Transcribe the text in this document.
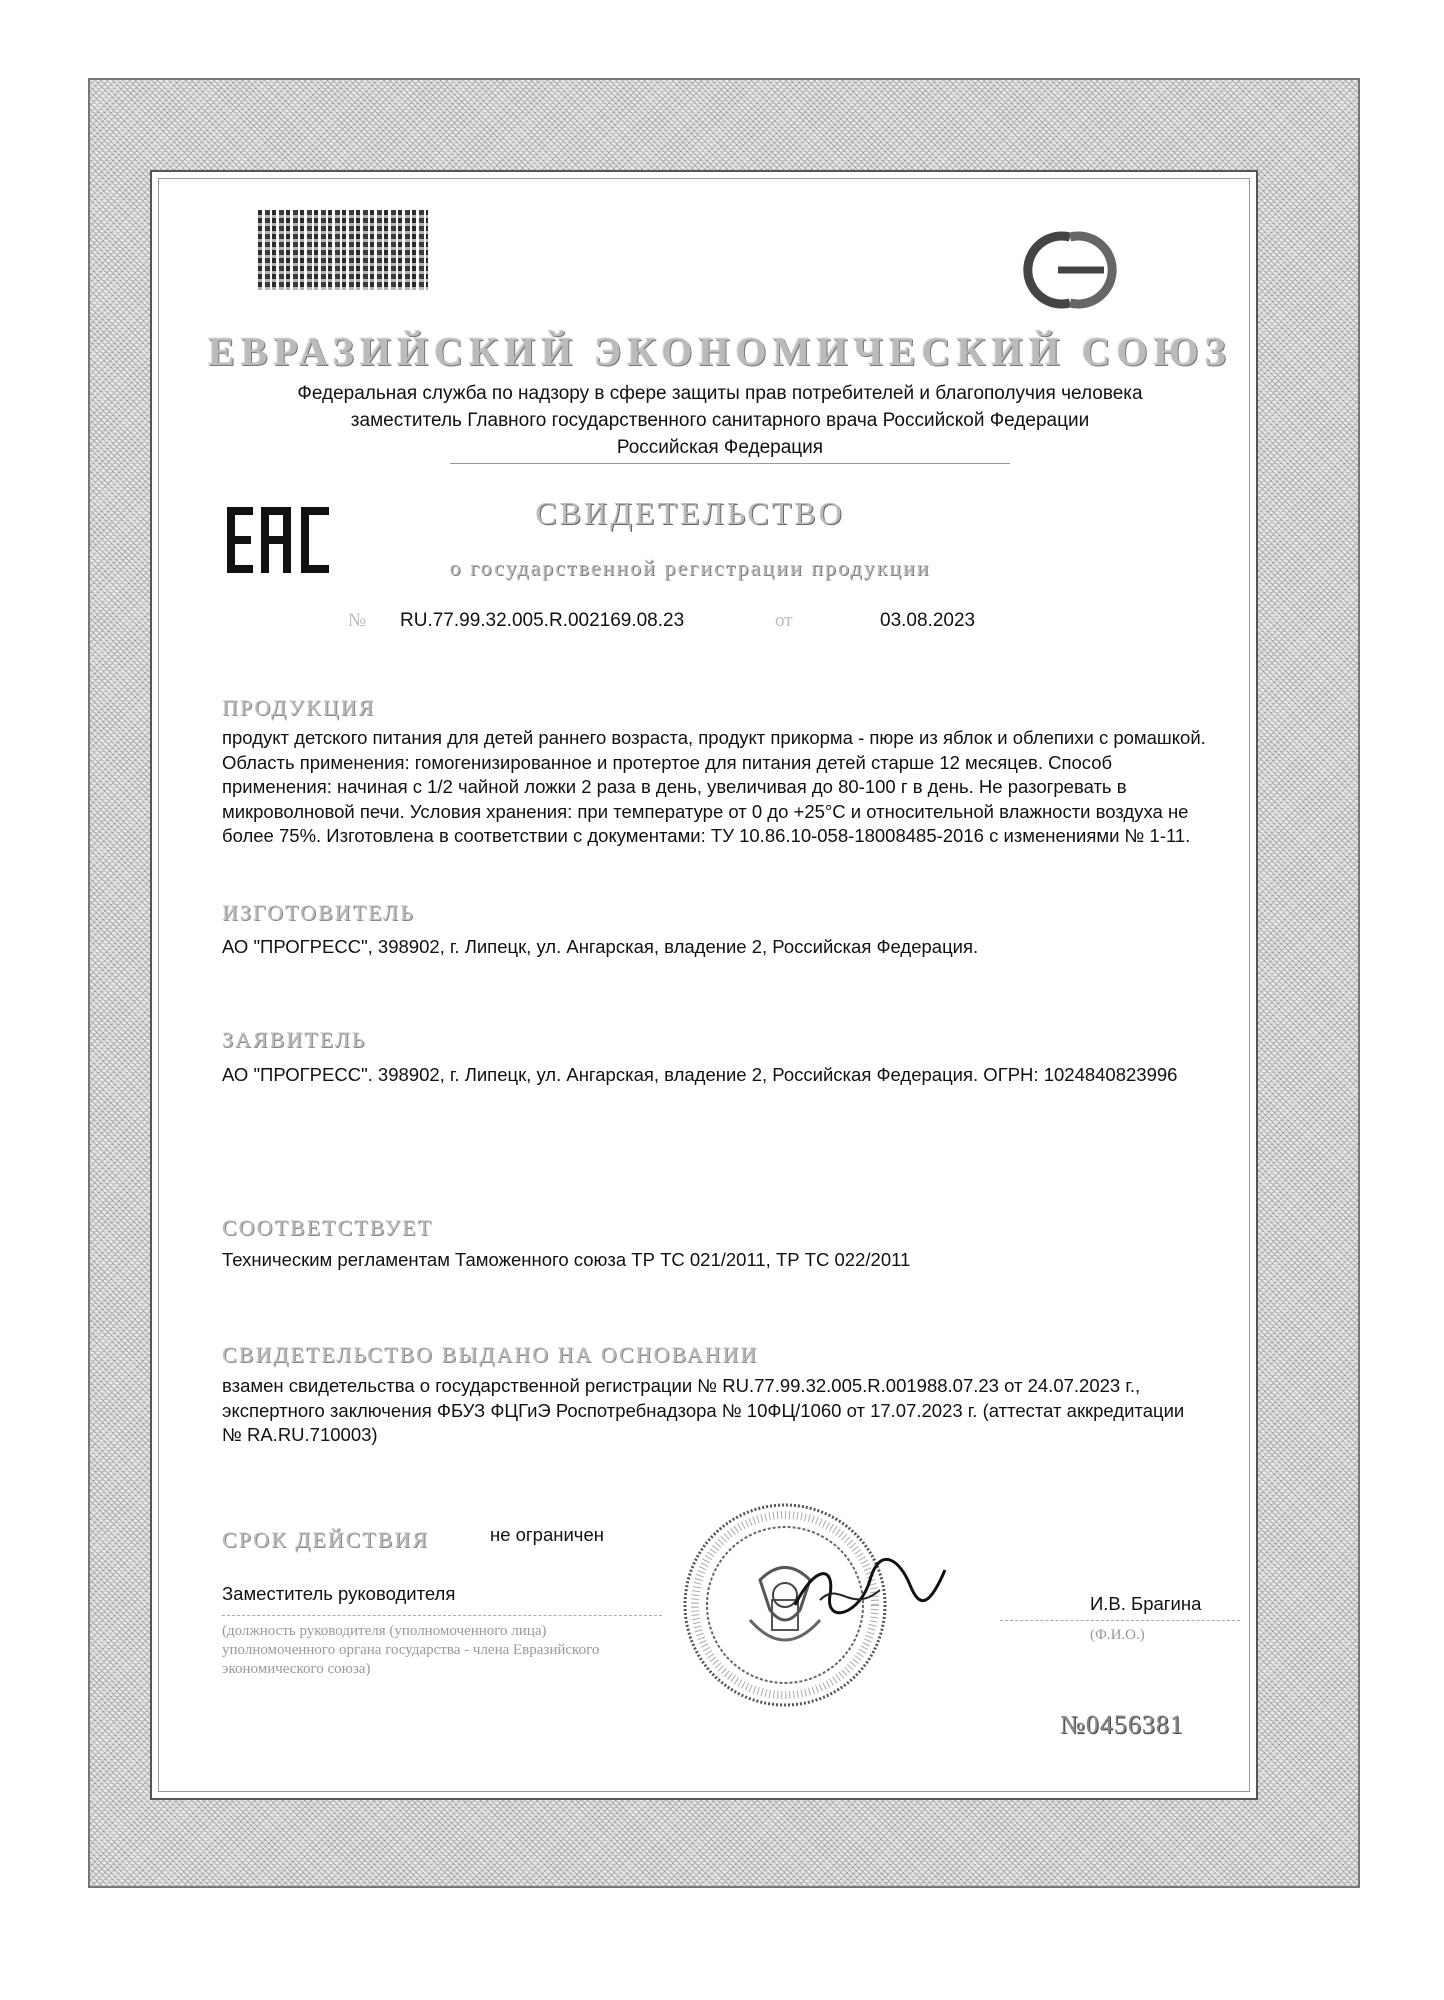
ЕВРАЗИЙСКИЙ ЭКОНОМИЧЕСКИЙ СОЮЗ
Федеральная служба по надзору в сфере защиты прав потребителей и благополучия человека
заместитель Главного государственного санитарного врача Российской Федерации
Российская Федерация
СВИДЕТЕЛЬСТВО
о государственной регистрации продукции
№ RU.77.99.32.005.R.002169.08.23	от	03.08.2023
ПРОДУКЦИЯ
продукт детского питания для детей раннего возраста, продукт прикорма - пюре из яблок и облепихи с ромашкой. Область применения: гомогенизированное и протертое для питания детей старше 12 месяцев. Способ применения: начиная с 1/2 чайной ложки 2 раза в день, увеличивая до 80-100 г в день. Не разогревать в микроволновой печи. Условия хранения: при температуре от 0 до +25°С и относительной влажности воздуха не более 75%. Изготовлена в соответствии с документами: ТУ 10.86.10-058-18008485-2016 с изменениями № 1-11.
ИЗГОТОВИТЕЛЬ
АО "ПРОГРЕСС", 398902, г. Липецк, ул. Ангарская, владение 2, Российская Федерация.
ЗАЯВИТЕЛЬ
АО "ПРОГРЕСС". 398902, г. Липецк, ул. Ангарская, владение 2, Российская Федерация. ОГРН: 1024840823996
СООТВЕТСТВУЕТ
Техническим регламентам Таможенного союза ТР ТС 021/2011, ТР ТС 022/2011
СВИДЕТЕЛЬСТВО ВЫДАНО НА ОСНОВАНИИ
взамен свидетельства о государственной регистрации № RU.77.99.32.005.R.001988.07.23 от 24.07.2023 г., экспертного заключения ФБУЗ ФЦГиЭ Роспотребнадзора № 10ФЦ/1060 от 17.07.2023 г. (аттестат аккредитации № RA.RU.710003)
СРОК ДЕЙСТВИЯ	не ограничен
Заместитель руководителя	И.В. Брагина
(должность руководителя (уполномоченного лица) уполномоченного органа государства - члена Евразийского экономического союза)
(Ф.И.О.)
№0456381
